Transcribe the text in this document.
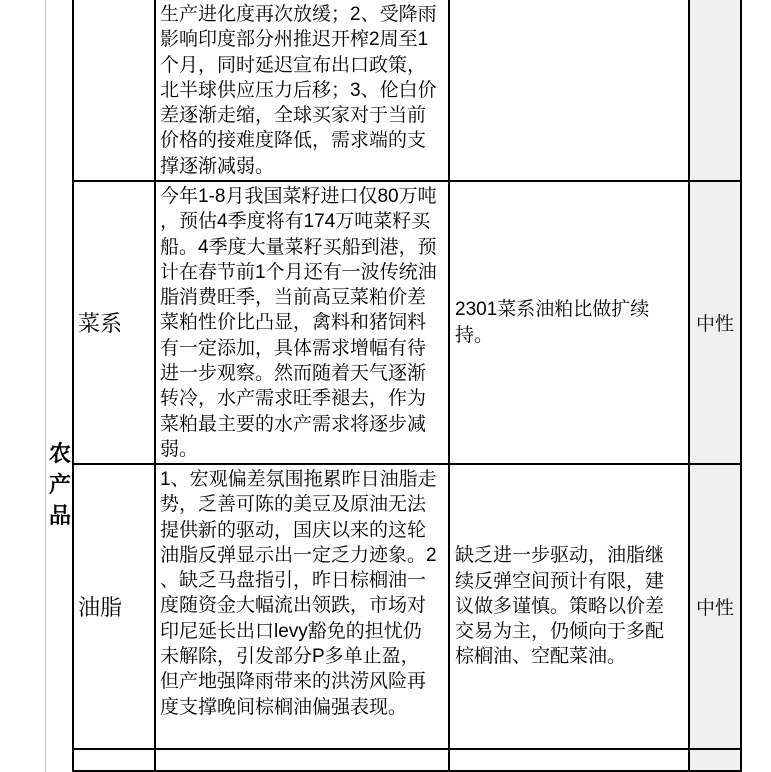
农产品
生产进化度再次放缓；2、受降雨影响印度部分州推迟开榨2周至1个月，同时延迟宣布出口政策，北半球供应压力后移；3、伦白价差逐渐走缩，全球买家对于当前价格的接难度降低，需求端的支撑逐渐减弱。
菜系
今年1-8月我国菜籽进口仅80万吨，预估4季度将有174万吨菜籽买船。4季度大量菜籽买船到港，预计在春节前1个月还有一波传统油脂消费旺季，当前高豆菜粕价差菜粕性价比凸显，禽料和猪饲料有一定添加，具体需求增幅有待进一步观察。然而随着天气逐渐转冷，水产需求旺季褪去，作为菜粕最主要的水产需求将逐步减弱。
2301菜系油粕比做扩续持。	中性
油脂
1、宏观偏差氛围拖累昨日油脂走势，乏善可陈的美豆及原油无法提供新的驱动，国庆以来的这轮油脂反弹显示出一定乏力迹象。2、缺乏马盘指引，昨日棕榈油一度随资金大幅流出领跌，市场对印尼延长出口levy豁免的担忧仍未解除，引发部分P多单止盈，但产地强降雨带来的洪涝风险再度支撑晚间棕榈油偏强表现。
缺乏进一步驱动，油脂继续反弹空间预计有限，建议做多谨慎。策略以价差交易为主，仍倾向于多配棕榈油、空配菜油。
中性
